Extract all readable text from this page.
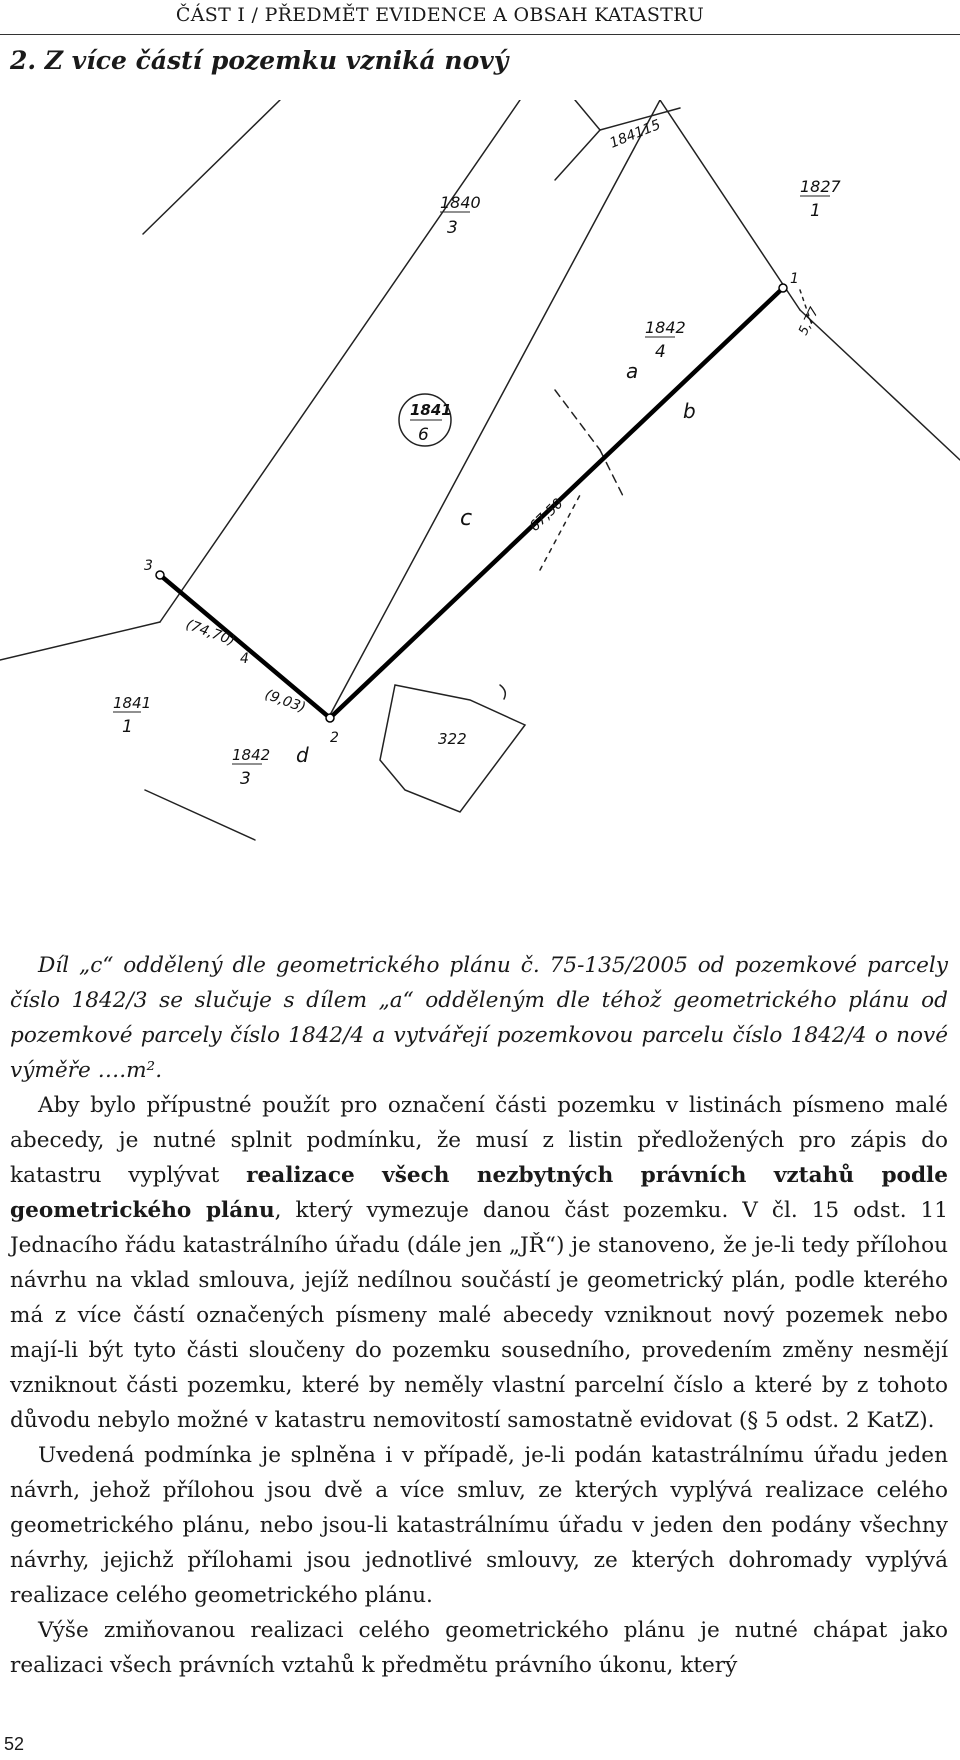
ČÁST I / PŘEDMĚT EVIDENCE A OBSAH KATASTRU
2. Z více částí pozemku vzniká nový
1840
3
1827
1
1842
4
1841
6
1841
1
1842
3
184115
1
2
3
4
a
b
c
d
(74,70)
(9,03)
67,50
5,77
322

Díl „c“ oddělený dle geometrického plánu č. 75-135/2005 od pozemkové parcely číslo 1842/3 se slučuje s dílem „a“ odděleným dle téhož geometrického plánu od pozemkové parcely číslo 1842/4 a vytvářejí pozemkovou parcelu číslo 1842/4 o nové výměře ….m².

Aby bylo přípustné použít pro označení části pozemku v listinách písmeno malé abecedy, je nutné splnit podmínku, že musí z listin předložených pro zápis do katastru vyplývat realizace všech nezbytných právních vztahů podle geometrického plánu, který vymezuje danou část pozemku. V čl. 15 odst. 11 Jednacího řádu katastrálního úřadu (dále jen „JŘ“) je stanoveno, že je-li tedy přílohou návrhu na vklad smlouva, jejíž nedílnou součástí je geometrický plán, podle kterého má z více částí označených písmeny malé abecedy vzniknout nový pozemek nebo mají-li být tyto části sloučeny do pozemku sousedního, provedením změny nesmějí vzniknout části pozemku, které by neměly vlastní parcelní číslo a které by z tohoto důvodu nebylo možné v katastru nemovitostí samostatně evidovat (§ 5 odst. 2 KatZ).

Uvedená podmínka je splněna i v případě, je-li podán katastrálnímu úřadu jeden návrh, jehož přílohou jsou dvě a více smluv, ze kterých vyplývá realizace celého geometrického plánu, nebo jsou-li katastrálnímu úřadu v jeden den podány všechny návrhy, jejichž přílohami jsou jednotlivé smlouvy, ze kterých dohromady vyplývá realizace celého geometrického plánu.

Výše zmiňovanou realizaci celého geometrického plánu je nutné chápat jako realizaci všech právních vztahů k předmětu právního úkonu, který

52
